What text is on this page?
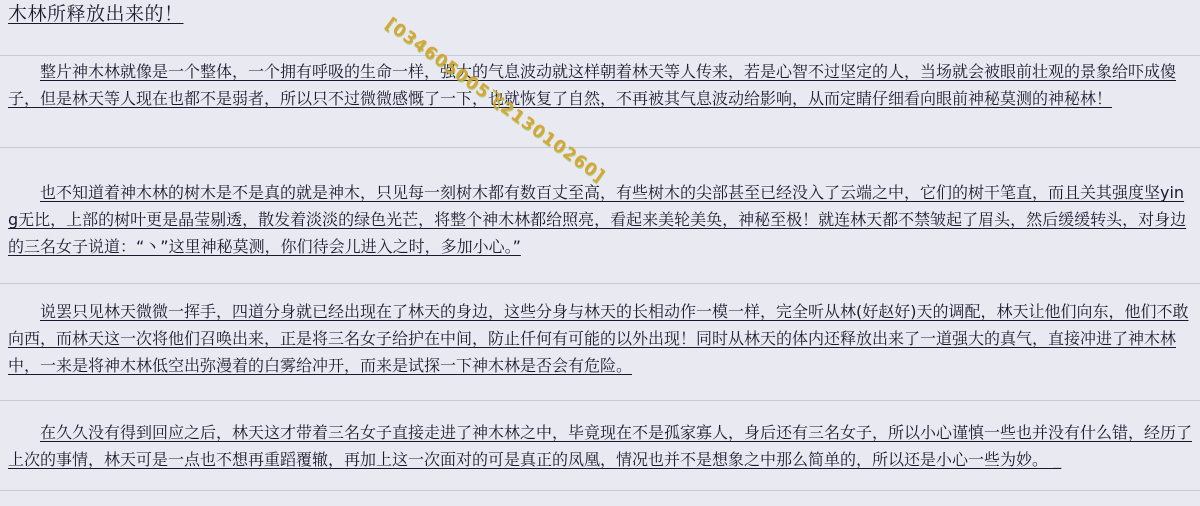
[034605005飞213010260]
木林所释放出来的！

整片神木林就像是一个整体，一个拥有呼吸的生命一样，强大的气息波动就这样朝着林天等人传来，若是心智不过坚定的人，当场就会被眼前壮观的景象给吓成傻子，但是林天等人现在也都不是弱者，所以只不过微微感慨了一下，也就恢复了自然，不再被其气息波动给影响，从而定睛仔细看向眼前神秘莫测的神秘林！

也不知道着神木林的树木是不是真的就是神木，只见每一刻树木都有数百丈至高，有些树木的尖部甚至已经没入了云端之中，它们的树干笔直，而且关其强度坚ying无比，上部的树叶更是晶莹剔透，散发着淡淡的绿色光芒，将整个神木林都给照亮，看起来美轮美奂，神秘至极！就连林天都不禁皱起了眉头，然后缓缓转头，对身边的三名女子说道：“丶”这里神秘莫测，你们待会儿进入之时，多加小心。”

说罢只见林天微微一挥手，四道分身就已经出现在了林天的身边，这些分身与林天的长相动作一模一样，完全听从林(好赵好)天的调配，林天让他们向东，他们不敢向西，而林天这一次将他们召唤出来，正是将三名女子给护在中间，防止仟何有可能的以外出现！同时从林天的体内还释放出来了一道强大的真气，直接冲进了神木林中，一来是将神木林低空出弥漫着的白雾给冲开，而来是试探一下神木林是否会有危险。

在久久没有得到回应之后，林天这才带着三名女子直接走进了神木林之中，毕竟现在不是孤家寡人，身后还有三名女子，所以小心谨慎一些也并没有什么错，经历了上次的事情，林天可是一点也不想再重蹈覆辙，再加上这一次面对的可是真正的凤凰，情况也并不是想象之中那么简单的，所以还是小心一些为妙。 _
